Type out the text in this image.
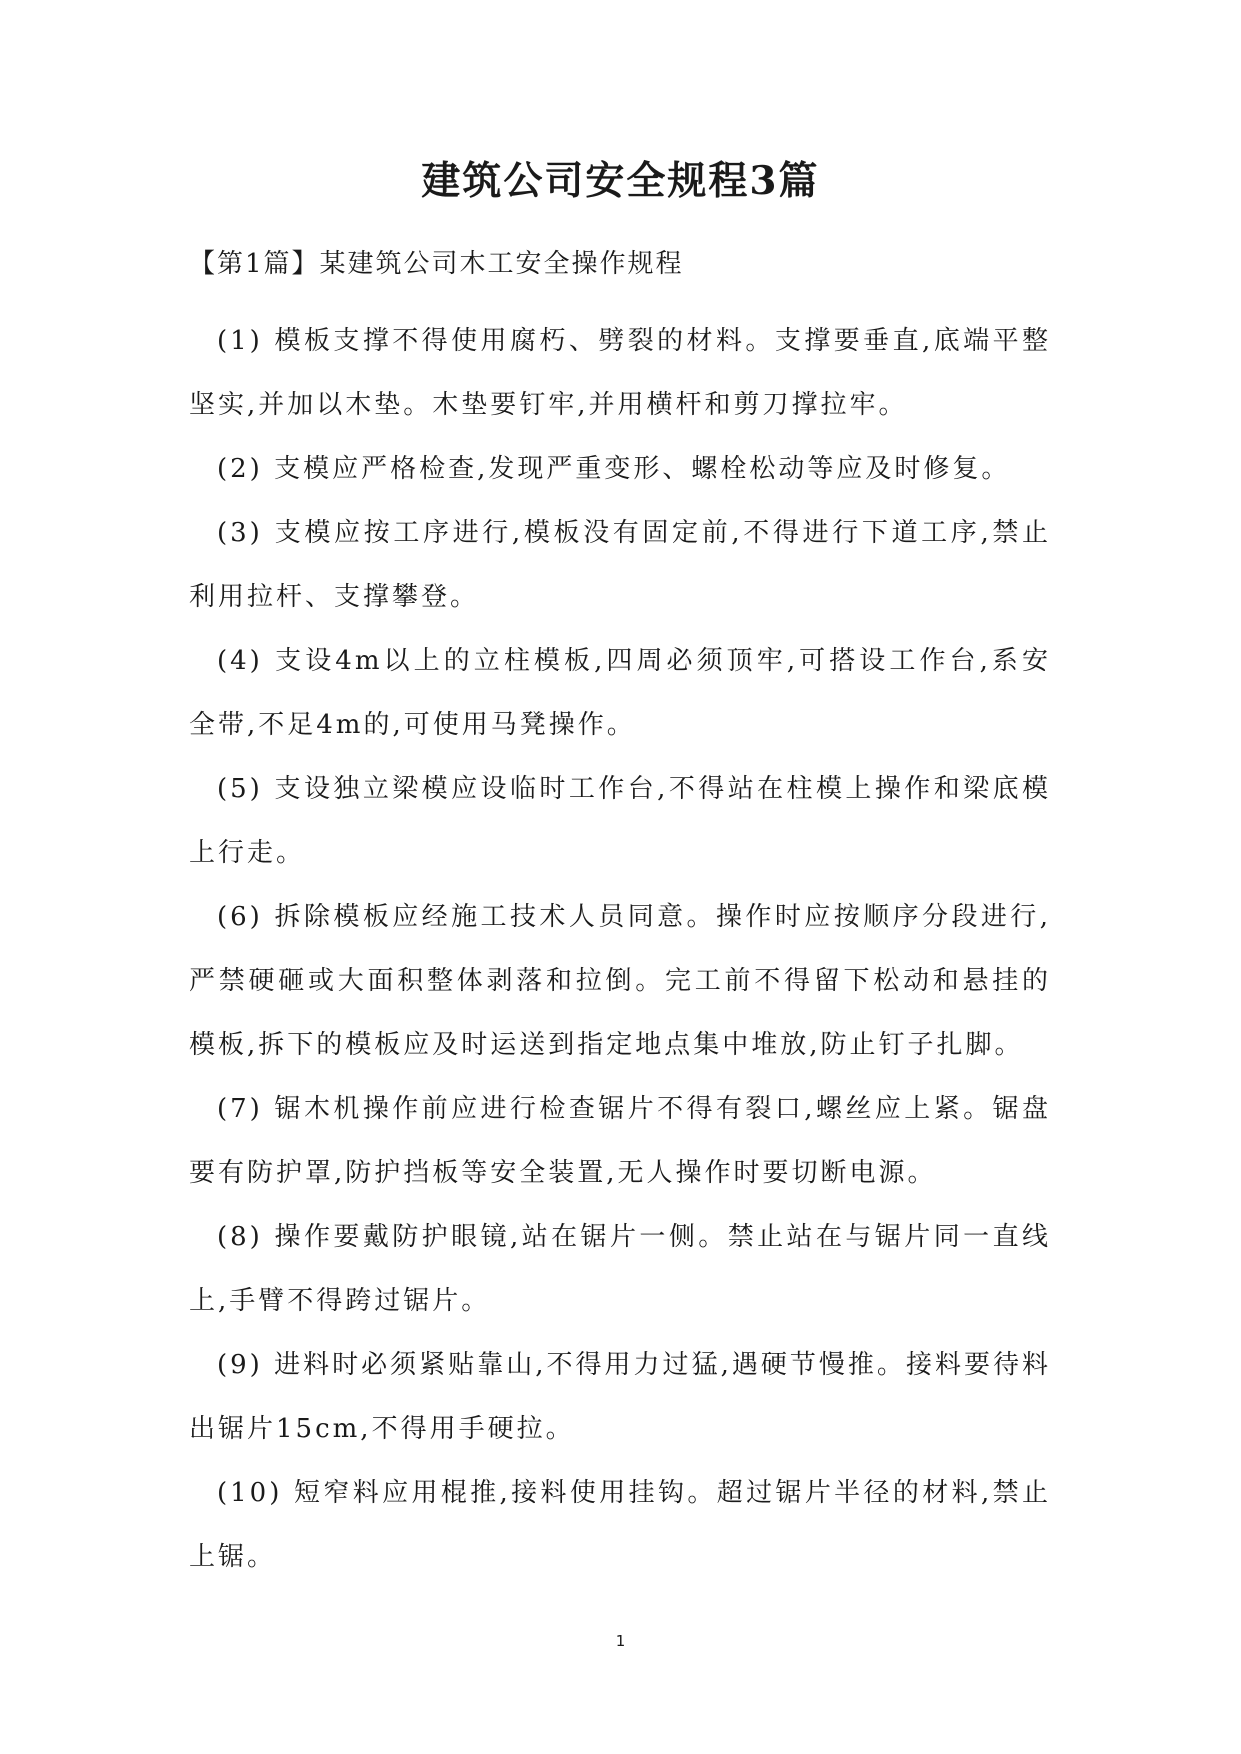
建筑公司安全规程3篇

【第1篇】某建筑公司木工安全操作规程

(1) 模板支撑不得使用腐朽、劈裂的材料。支撑要垂直,底端平整坚实,并加以木垫。木垫要钉牢,并用横杆和剪刀撑拉牢。

(2) 支模应严格检查,发现严重变形、螺栓松动等应及时修复。

(3) 支模应按工序进行,模板没有固定前,不得进行下道工序,禁止利用拉杆、支撑攀登。

(4) 支设4m以上的立柱模板,四周必须顶牢,可搭设工作台,系安全带,不足4m的,可使用马凳操作。

(5) 支设独立梁模应设临时工作台,不得站在柱模上操作和梁底模上行走。

(6) 拆除模板应经施工技术人员同意。操作时应按顺序分段进行,严禁硬砸或大面积整体剥落和拉倒。完工前不得留下松动和悬挂的模板,拆下的模板应及时运送到指定地点集中堆放,防止钉子扎脚。

(7) 锯木机操作前应进行检查锯片不得有裂口,螺丝应上紧。锯盘要有防护罩,防护挡板等安全装置,无人操作时要切断电源。

(8) 操作要戴防护眼镜,站在锯片一侧。禁止站在与锯片同一直线上,手臂不得跨过锯片。

(9) 进料时必须紧贴靠山,不得用力过猛,遇硬节慢推。接料要待料出锯片15cm,不得用手硬拉。

(10) 短窄料应用棍推,接料使用挂钩。超过锯片半径的材料,禁止上锯。

1
